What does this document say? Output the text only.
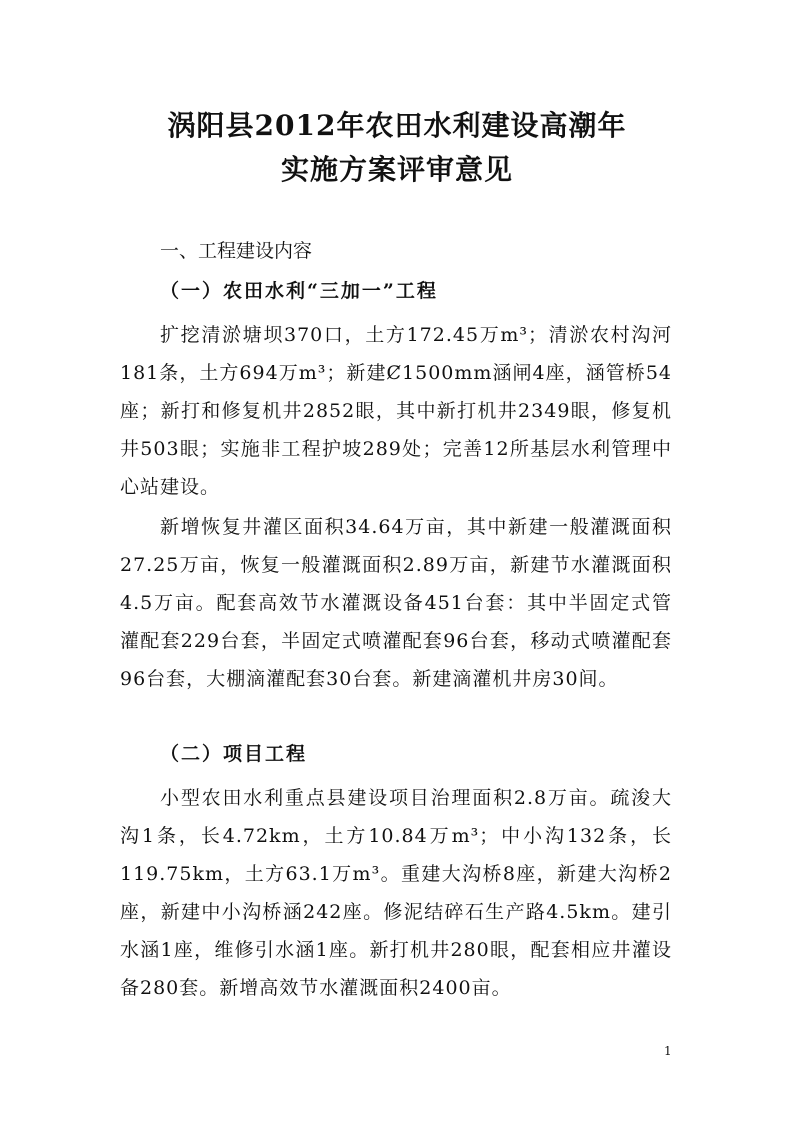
涡阳县2012年农田水利建设高潮年
实施方案评审意见
一、工程建设内容
（一）农田水利“三加一”工程
扩挖清淤塘坝370口，土方172.45万m³；清淤农村沟河181条，土方694万m³；新建Ȼ1500mm涵闸4座，涵管桥54座；新打和修复机井2852眼，其中新打机井2349眼，修复机井503眼；实施非工程护坡289处；完善12所基层水利管理中心站建设。
新增恢复井灌区面积34.64万亩，其中新建一般灌溉面积27.25万亩，恢复一般灌溉面积2.89万亩，新建节水灌溉面积4.5万亩。配套高效节水灌溉设备451台套：其中半固定式管灌配套229台套，半固定式喷灌配套96台套，移动式喷灌配套96台套，大棚滴灌配套30台套。新建滴灌机井房30间。
（二）项目工程
小型农田水利重点县建设项目治理面积2.8万亩。疏浚大沟1条，长4.72km，土方10.84万m³；中小沟132条，长119.75km，土方63.1万m³。重建大沟桥8座，新建大沟桥2座，新建中小沟桥涵242座。修泥结碎石生产路4.5km。建引水涵1座，维修引水涵1座。新打机井280眼，配套相应井灌设备280套。新增高效节水灌溉面积2400亩。
1
